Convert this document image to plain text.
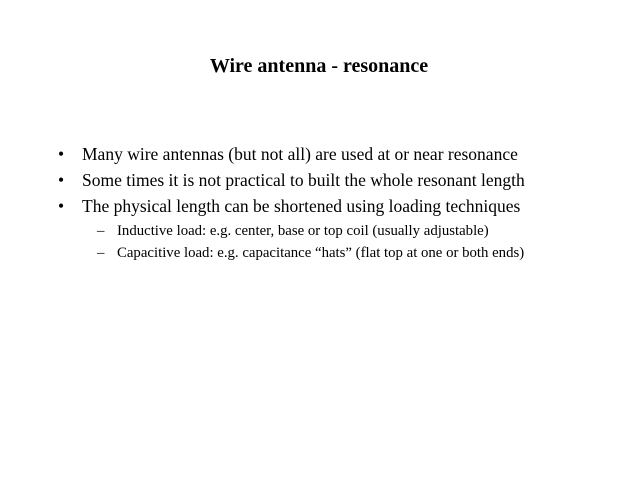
Wire antenna - resonance
• Many wire antennas (but not all) are used at or near resonance
• Some times it is not practical to built the whole resonant length
• The physical length can be shortened using loading techniques
– Inductive load: e.g. center, base or top coil (usually adjustable)
– Capacitive load: e.g. capacitance “hats” (flat top at one or both ends)
